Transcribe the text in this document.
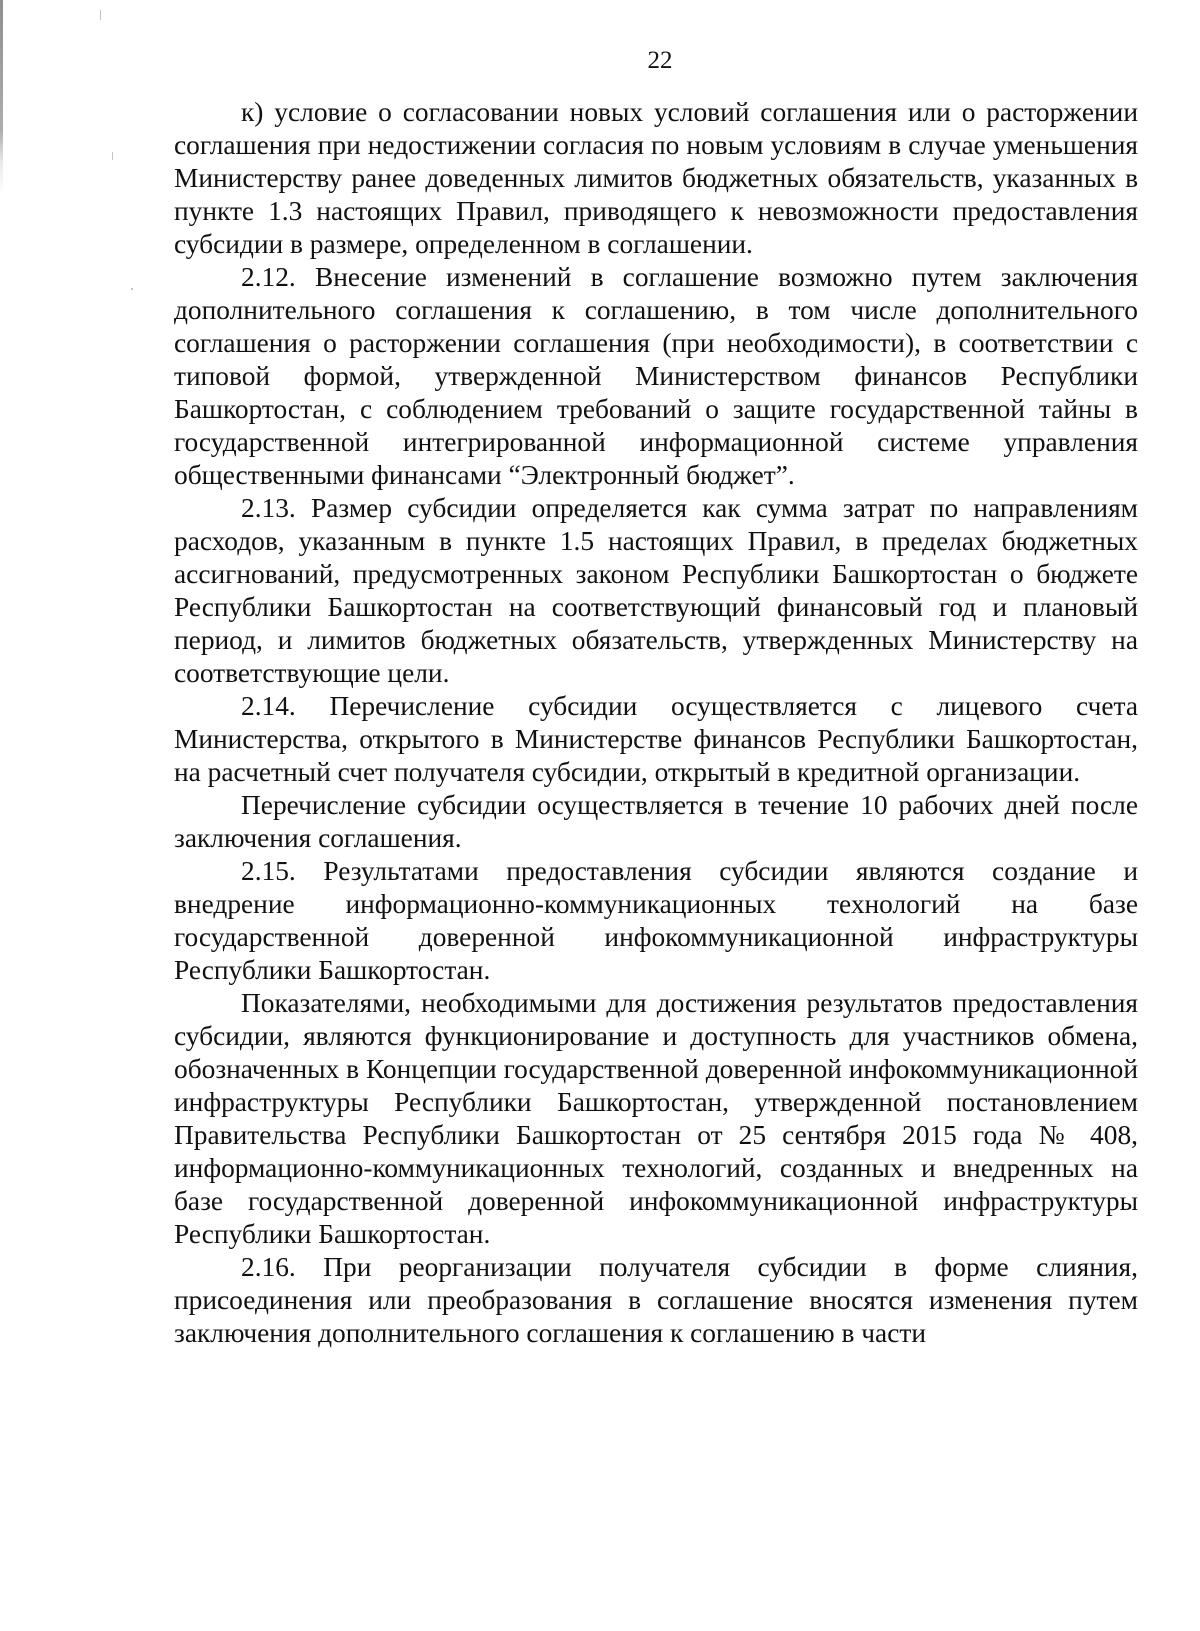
22

к) условие о согласовании новых условий соглашения или о расторжении соглашения при недостижении согласия по новым условиям в случае уменьшения Министерству ранее доведенных лимитов бюджетных обязательств, указанных в пункте 1.3 настоящих Правил, приводящего к невозможности предоставления субсидии в размере, определенном в соглашении.

2.12. Внесение изменений в соглашение возможно путем заключения дополнительного соглашения к соглашению, в том числе дополнительного соглашения о расторжении соглашения (при необходимости), в соответствии с типовой формой, утвержденной Министерством финансов Республики Башкортостан, с соблюдением требований о защите государственной тайны в государственной интегрированной информационной системе управления общественными финансами “Электронный бюджет”.

2.13. Размер субсидии определяется как сумма затрат по направлениям расходов, указанным в пункте 1.5 настоящих Правил, в пределах бюджетных ассигнований, предусмотренных законом Республики Башкортостан о бюджете Республики Башкортостан на соответствующий финансовый год и плановый период, и лимитов бюджетных обязательств, утвержденных Министерству на соответствующие цели.

2.14. Перечисление субсидии осуществляется с лицевого счета Министерства, открытого в Министерстве финансов Республики Башкортостан, на расчетный счет получателя субсидии, открытый в кредитной организации.

Перечисление субсидии осуществляется в течение 10 рабочих дней после заключения соглашения.

2.15. Результатами предоставления субсидии являются создание и внедрение информационно-коммуникационных технологий на базе государственной доверенной инфокоммуникационной инфраструктуры Республики Башкортостан.

Показателями, необходимыми для достижения результатов предоставления субсидии, являются функционирование и доступность для участников обмена, обозначенных в Концепции государственной доверенной инфокоммуникационной инфраструктуры Республики Башкортостан, утвержденной постановлением Правительства Республики Башкортостан от 25 сентября 2015 года № 408, информационно-коммуникационных технологий, созданных и внедренных на базе государственной доверенной инфокоммуникационной инфраструктуры Республики Башкортостан.

2.16. При реорганизации получателя субсидии в форме слияния, присоединения или преобразования в соглашение вносятся изменения путем заключения дополнительного соглашения к соглашению в части
